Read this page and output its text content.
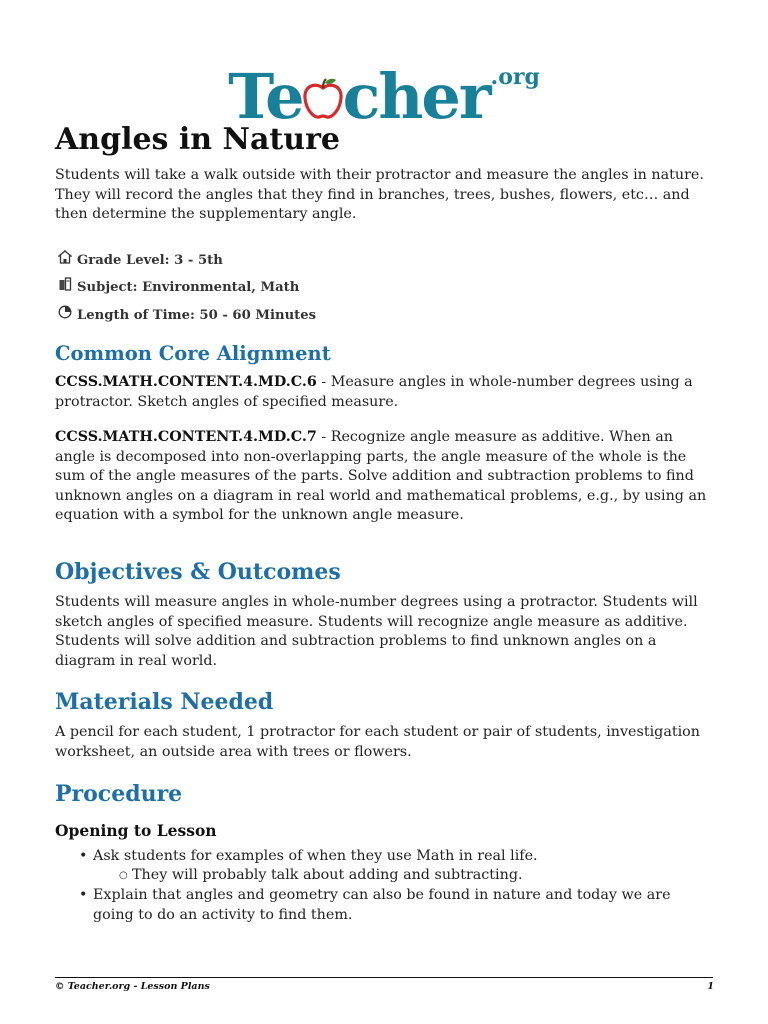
Te cher$^{.org}$
Angles in Nature

Students will take a walk outside with their protractor and measure the angles in nature. They will record the angles that they find in branches, trees, bushes, flowers, etc… and then determine the supplementary angle.

Grade Level: 3 - 5th
Subject: Environmental, Math
Length of Time: 50 - 60 Minutes
Common Core Alignment

CCSS.MATH.CONTENT.4.MD.C.6 - Measure angles in whole-number degrees using a protractor. Sketch angles of specified measure.

CCSS.MATH.CONTENT.4.MD.C.7 - Recognize angle measure as additive. When an angle is decomposed into non-overlapping parts, the angle measure of the whole is the sum of the angle measures of the parts. Solve addition and subtraction problems to find unknown angles on a diagram in real world and mathematical problems, e.g., by using an equation with a symbol for the unknown angle measure.

Objectives & Outcomes

Students will measure angles in whole-number degrees using a protractor. Students will sketch angles of specified measure. Students will recognize angle measure as additive. Students will solve addition and subtraction problems to find unknown angles on a diagram in real world.

Materials Needed

A pencil for each student, 1 protractor for each student or pair of students, investigation worksheet, an outside area with trees or flowers.

Procedure
Opening to Lesson
• Ask students for examples of when they use Math in real life.
○ They will probably talk about adding and subtracting.
• Explain that angles and geometry can also be found in nature and today we are going to do an activity to find them.
© Teacher.org - Lesson Plans	1
